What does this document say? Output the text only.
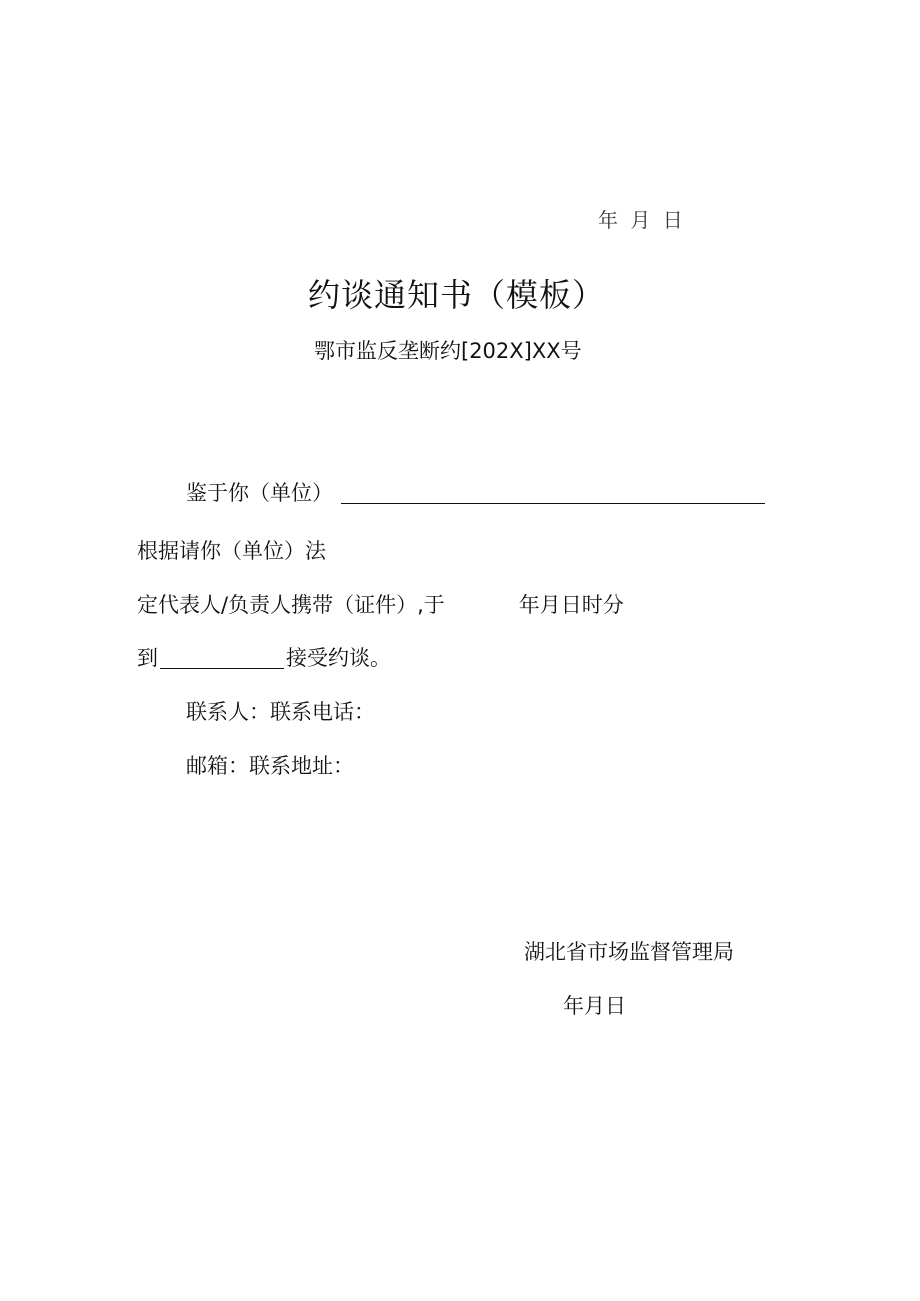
年 月 日
约谈通知书（模板）
鄂市监反垄断约[202X]XX号
鉴于你（单位）
根据请你（单位）法
定代表人/负责人携带（证件）,于	年月日时分
到	接受约谈。
联系人：联系电话：
邮箱：联系地址：
湖北省市场监督管理局
年月日
